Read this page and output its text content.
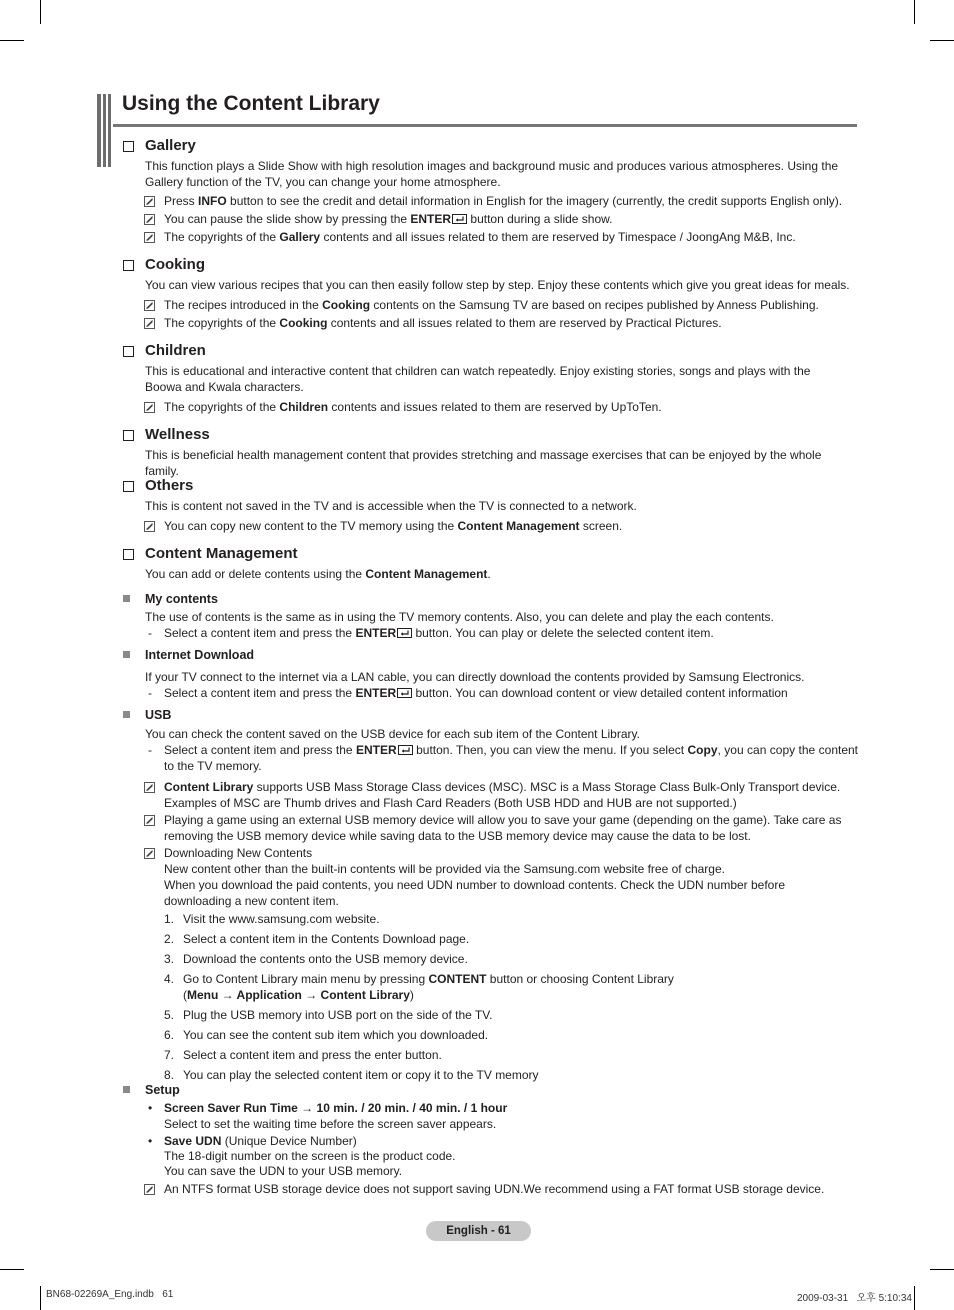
Using the Content Library
Gallery
This function plays a Slide Show with high resolution images and background music and produces various atmospheres. Using the Gallery function of the TV, you can change your home atmosphere.
Press INFO button to see the credit and detail information in English for the imagery (currently, the credit supports English only).
You can pause the slide show by pressing the ENTER button during a slide show.
The copyrights of the Gallery contents and all issues related to them are reserved by Timespace / JoongAng M&B, Inc.
Cooking
You can view various recipes that you can then easily follow step by step. Enjoy these contents which give you great ideas for meals.
The recipes introduced in the Cooking contents on the Samsung TV are based on recipes published by Anness Publishing.
The copyrights of the Cooking contents and all issues related to them are reserved by Practical Pictures.
Children
This is educational and interactive content that children can watch repeatedly. Enjoy existing stories, songs and plays with the Boowa and Kwala characters.
The copyrights of the Children contents and issues related to them are reserved by UpToTen.
Wellness
This is beneficial health management content that provides stretching and massage exercises that can be enjoyed by the whole family.
Others
This is content not saved in the TV and is accessible when the TV is connected to a network.
You can copy new content to the TV memory using the Content Management screen.
Content Management
You can add or delete contents using the Content Management.
My contents
The use of contents is the same as in using the TV memory contents. Also, you can delete and play the each contents.
- Select a content item and press the ENTER button. You can play or delete the selected content item.
Internet Download
If your TV connect to the internet via a LAN cable, you can directly download the contents provided by Samsung Electronics.
- Select a content item and press the ENTER button. You can download content or view detailed content information
USB
You can check the content saved on the USB device for each sub item of the Content Library.
- Select a content item and press the ENTER button. Then, you can view the menu. If you select Copy, you can copy the content to the TV memory.
Content Library supports USB Mass Storage Class devices (MSC). MSC is a Mass Storage Class Bulk-Only Transport device. Examples of MSC are Thumb drives and Flash Card Readers (Both USB HDD and HUB are not supported.)
Playing a game using an external USB memory device will allow you to save your game (depending on the game). Take care as removing the USB memory device while saving data to the USB memory device may cause the data to be lost.
Downloading New Contents
New content other than the built-in contents will be provided via the Samsung.com website free of charge.
When you download the paid contents, you need UDN number to download contents. Check the UDN number before downloading a new content item.
1. Visit the www.samsung.com website.
2. Select a content item in the Contents Download page.
3. Download the contents onto the USB memory device.
4. Go to Content Library main menu by pressing CONTENT button or choosing Content Library
(Menu → Application → Content Library)
5. Plug the USB memory into USB port on the side of the TV.
6. You can see the content sub item which you downloaded.
7. Select a content item and press the enter button.
8. You can play the selected content item or copy it to the TV memory
Setup
• Screen Saver Run Time → 10 min. / 20 min. / 40 min. / 1 hour
Select to set the waiting time before the screen saver appears.
• Save UDN (Unique Device Number)
The 18-digit number on the screen is the product code.
You can save the UDN to your USB memory.
An NTFS format USB storage device does not support saving UDN.We recommend using a FAT format USB storage device.
English - 61
BN68-02269A_Eng.indb   61	2009-03-31   오후 5:10:34
